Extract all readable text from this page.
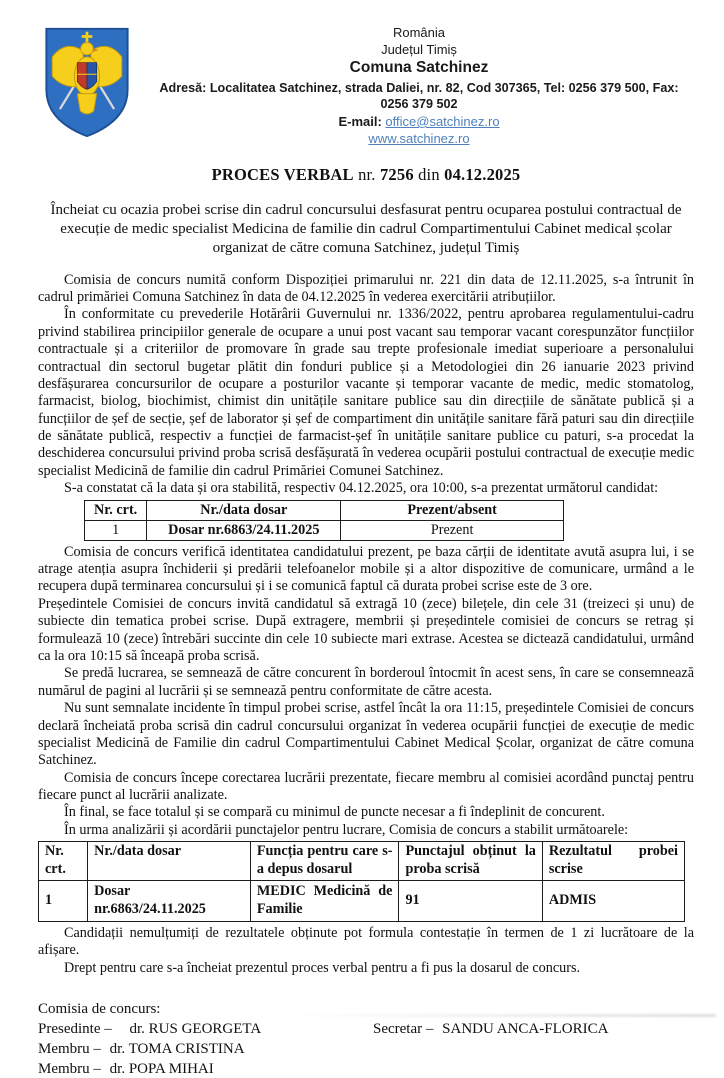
România
Județul Timiș
Comuna Satchinez
Adresă: Localitatea Satchinez, strada Daliei, nr. 82, Cod 307365, Tel: 0256 379 500, Fax: 0256 379 502
E-mail: office@satchinez.ro
www.satchinez.ro
PROCES VERBAL nr. 7256 din 04.12.2025
Încheiat cu ocazia probei scrise din cadrul concursului desfasurat pentru ocuparea postului contractual de execuție de medic specialist Medicina de familie din cadrul Compartimentului Cabinet medical școlar organizat de către comuna Satchinez, județul Timiș

Comisia de concurs numită conform Dispoziției primarului nr. 221 din data de 12.11.2025, s-a întrunit în cadrul primăriei Comuna Satchinez în data de 04.12.2025 în vederea exercitării atribuțiilor.

În conformitate cu prevederile Hotărârii Guvernului nr. 1336/2022, pentru aprobarea regulamentului-cadru privind stabilirea principiilor generale de ocupare a unui post vacant sau temporar vacant corespunzător funcțiilor contractuale și a criteriilor de promovare în grade sau trepte profesionale imediat superioare a personalului contractual din sectorul bugetar plătit din fonduri publice și a Metodologiei din 26 ianuarie 2023 privind desfășurarea concursurilor de ocupare a posturilor vacante și temporar vacante de medic, medic stomatolog, farmacist, biolog, biochimist, chimist din unitățile sanitare publice sau din direcțiile de sănătate publică și a funcțiilor de șef de secție, șef de laborator și șef de compartiment din unitățile sanitare fără paturi sau din direcțiile de sănătate publică, respectiv a funcției de farmacist-șef în unitățile sanitare publice cu paturi, s-a procedat la deschiderea concursului privind proba scrisă desfășurată în vederea ocupării postului contractual de execuție medic specialist Medicină de familie din cadrul Primăriei Comunei Satchinez.

S-a constatat că la data și ora stabilită, respectiv 04.12.2025, ora 10:00, s-a prezentat următorul candidat:

Nr. crt.	Nr./data dosar	Prezent/absent
1	Dosar nr.6863/24.11.2025	Prezent

Comisia de concurs verifică identitatea candidatului prezent, pe baza cărții de identitate avută asupra lui, i se atrage atenția asupra închiderii și predării telefoanelor mobile și a altor dispozitive de comunicare, urmând a le recupera după terminarea concursului și i se comunică faptul că durata probei scrise este de 3 ore.

Președintele Comisiei de concurs invită candidatul să extragă 10 (zece) bilețele, din cele 31 (treizeci și unu) de subiecte din tematica probei scrise. După extragere, membrii și președintele comisiei de concurs se retrag și formulează 10 (zece) întrebări succinte din cele 10 subiecte mari extrase. Acestea se dictează candidatului, urmând ca la ora 10:15 să înceapă proba scrisă.

Se predă lucrarea, se semnează de către concurent în borderoul întocmit în acest sens, în care se consemnează numărul de pagini al lucrării și se semnează pentru conformitate de către acesta.

Nu sunt semnalate incidente în timpul probei scrise, astfel încât la ora 11:15, președintele Comisiei de concurs declară încheiată proba scrisă din cadrul concursului organizat în vederea ocupării funcției de execuție de medic specialist Medicină de Familie din cadrul Compartimentului Cabinet Medical Școlar, organizat de către comuna Satchinez.

Comisia de concurs începe corectarea lucrării prezentate, fiecare membru al comisiei acordând punctaj pentru fiecare punct al lucrării analizate.

În final, se face totalul și se compară cu minimul de puncte necesar a fi îndeplinit de concurent.

În urma analizării și acordării punctajelor pentru lucrare, Comisia de concurs a stabilit următoarele:

Nr. crt.	Nr./data dosar	Funcția pentru care s-a depus dosarul	Punctajul obținut la proba scrisă	Rezultatul probei scrise
1	Dosar nr.6863/24.11.2025	MEDIC Medicină de Familie	91	ADMIS

Candidații nemulțumiți de rezultatele obținute pot formula contestație în termen de 1 zi lucrătoare de la afișare.

Drept pentru care s-a încheiat prezentul proces verbal pentru a fi pus la dosarul de concurs.

Comisia de concurs:
Presedinte – dr. RUS GEORGETA	Secretar – SANDU ANCA-FLORICA
Membru – dr. TOMA CRISTINA
Membru – dr. POPA MIHAI
